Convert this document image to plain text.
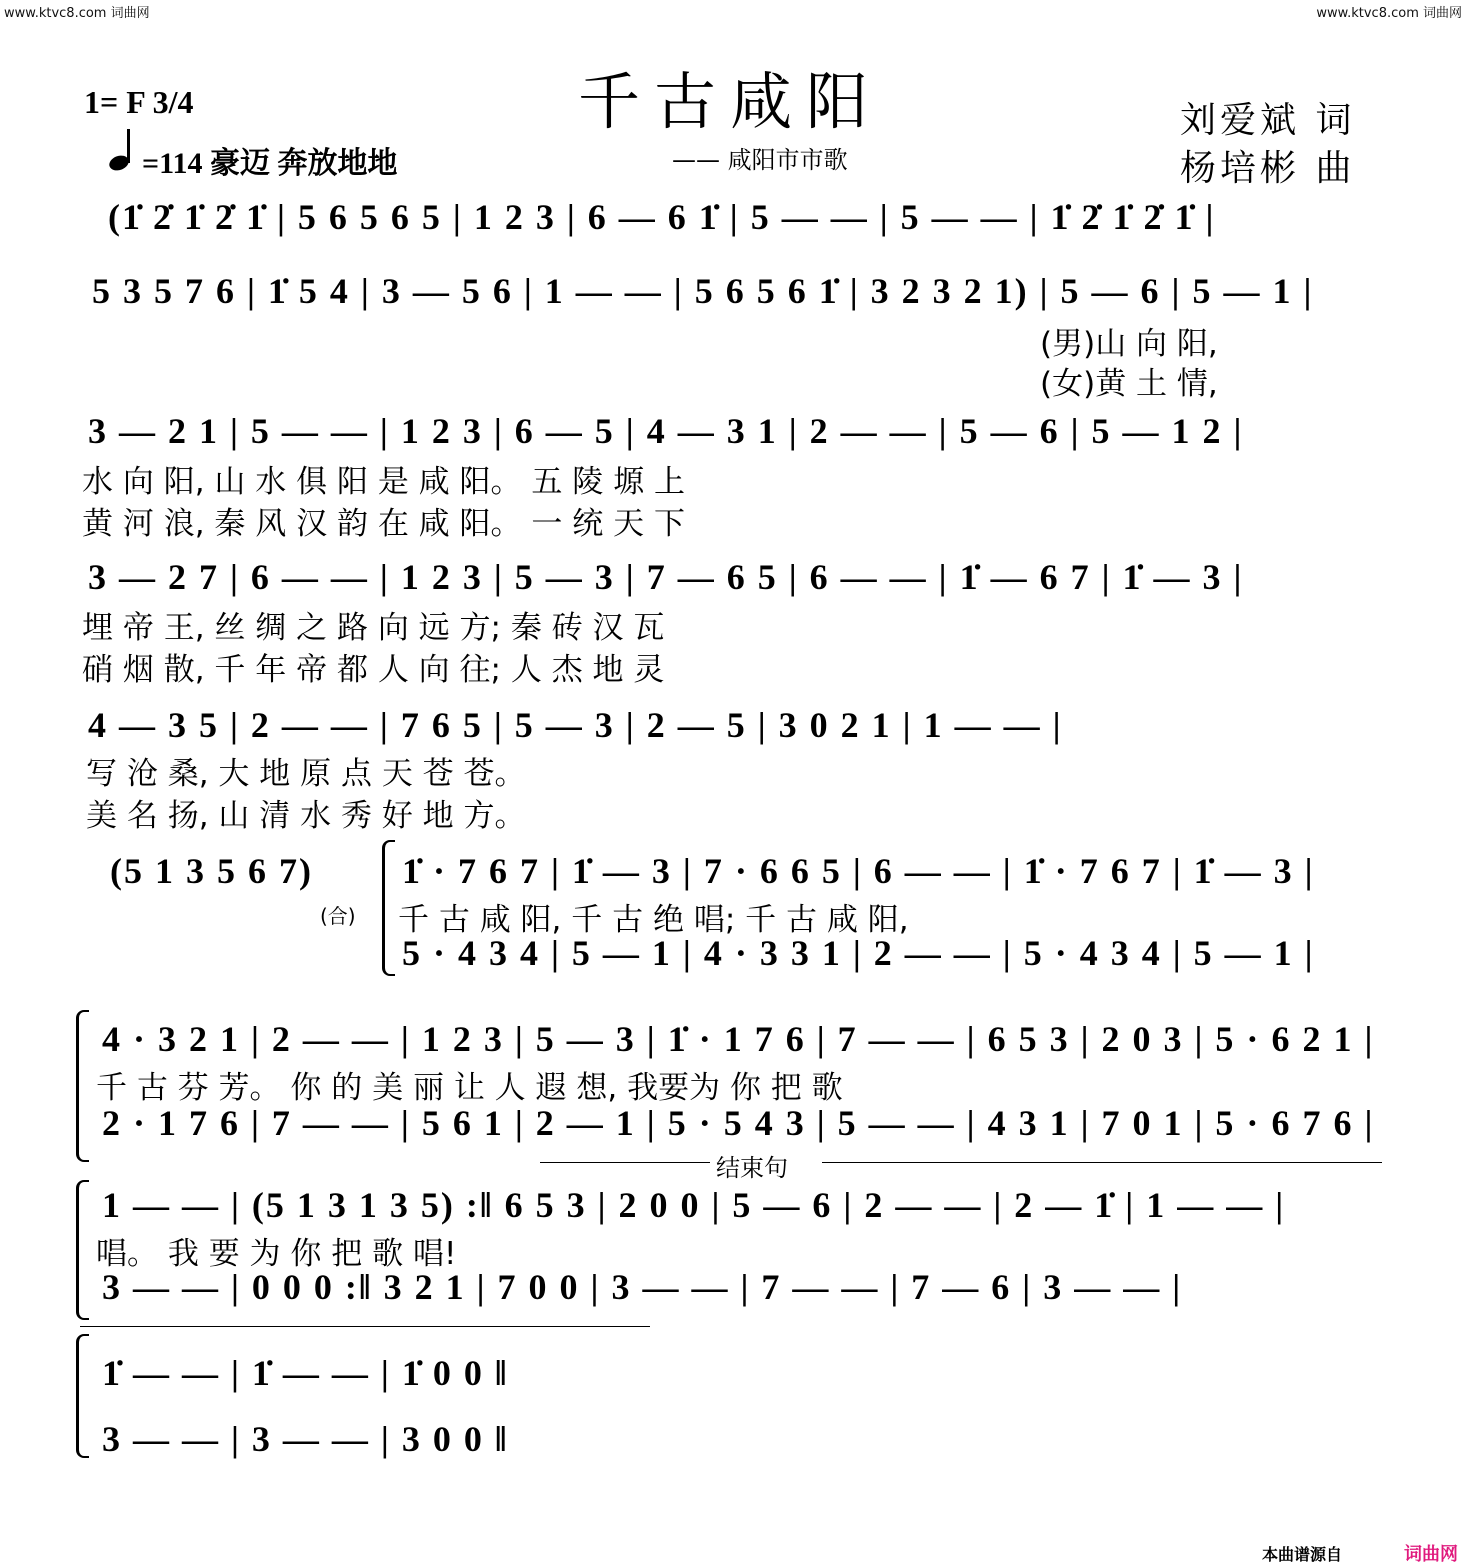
www.ktvc8.com 词曲网	www.ktvc8.com 词曲网
1= F 3/4
=114 豪迈 奔放地地
千古咸阳
—— 咸阳市市歌
刘爱斌 词
杨培彬 曲
(1̇ 2̇ 1̇ 2̇ 1̇ | 5 6 5 6 5 | 1 2 3 | 6 — 6 1̇ | 5 — — | 5 — — | 1̇ 2̇ 1̇ 2̇ 1̇ |
5 3 5 7 6 | 1̇ 5 4 | 3 — 5 6 | 1 — — | 5 6 5 6 1̇ | 3 2 3 2 1) | 5 — 6 | 5 — 1 |
(男)山 向 阳,
(女)黄 土 情,
3 — 2 1 | 5 — — | 1 2 3 | 6 — 5 | 4 — 3 1 | 2 — — | 5 — 6 | 5 — 1 2 |
水 向 阳, 山 水 俱 阳 是 咸 阳。 五 陵 塬 上
黄 河 浪, 秦 风 汉 韵 在 咸 阳。 一 统 天 下
3 — 2 7 | 6 — — | 1 2 3 | 5 — 3 | 7 — 6 5 | 6 — — | 1̇ — 6 7 | 1̇ — 3 |
埋 帝 王, 丝 绸 之 路 向 远 方; 秦 砖 汉 瓦
硝 烟 散, 千 年 帝 都 人 向 往; 人 杰 地 灵
4 — 3 5 | 2 — — | 7 6 5 | 5 — 3 | 2 — 5 | 3 0 2 1 | 1 — — |
写 沧 桑, 大 地 原 点 天 苍 苍。
美 名 扬, 山 清 水 秀 好 地 方。
(5 1 3 5 6 7)
(合)
1̇ · 7 6 7 | 1̇ — 3 | 7 · 6 6 5 | 6 — — | 1̇ · 7 6 7 | 1̇ — 3 |
千 古 咸 阳, 千 古 绝 唱; 千 古 咸 阳,
5 · 4 3 4 | 5 — 1 | 4 · 3 3 1 | 2 — — | 5 · 4 3 4 | 5 — 1 |
4 · 3 2 1 | 2 — — | 1 2 3 | 5 — 3 | 1̇ · 1 7 6 | 7 — — | 6 5 3 | 2 0 3 | 5 · 6 2 1 |
千 古 芬 芳。 你 的 美 丽 让 人 遐 想, 我要为 你 把 歌
2 · 1 7 6 | 7 — — | 5 6 1 | 2 — 1 | 5 · 5 4 3 | 5 — — | 4 3 1 | 7 0 1 | 5 · 6 7 6 |
结束句
1 — — | (5 1 3 1 3 5) :‖ 6 5 3 | 2 0 0 | 5 — 6 | 2 — — | 2 — 1̇ | 1 — — |
唱。 我 要 为 你 把 歌 唱!
3 — — | 0 0 0 :‖ 3 2 1 | 7 0 0 | 3 — — | 7 — — | 7 — 6 | 3 — — |
1̇ — — | 1̇ — — | 1̇ 0 0 ‖
3 — — | 3 — — | 3 0 0 ‖
本曲谱源自	词曲网
